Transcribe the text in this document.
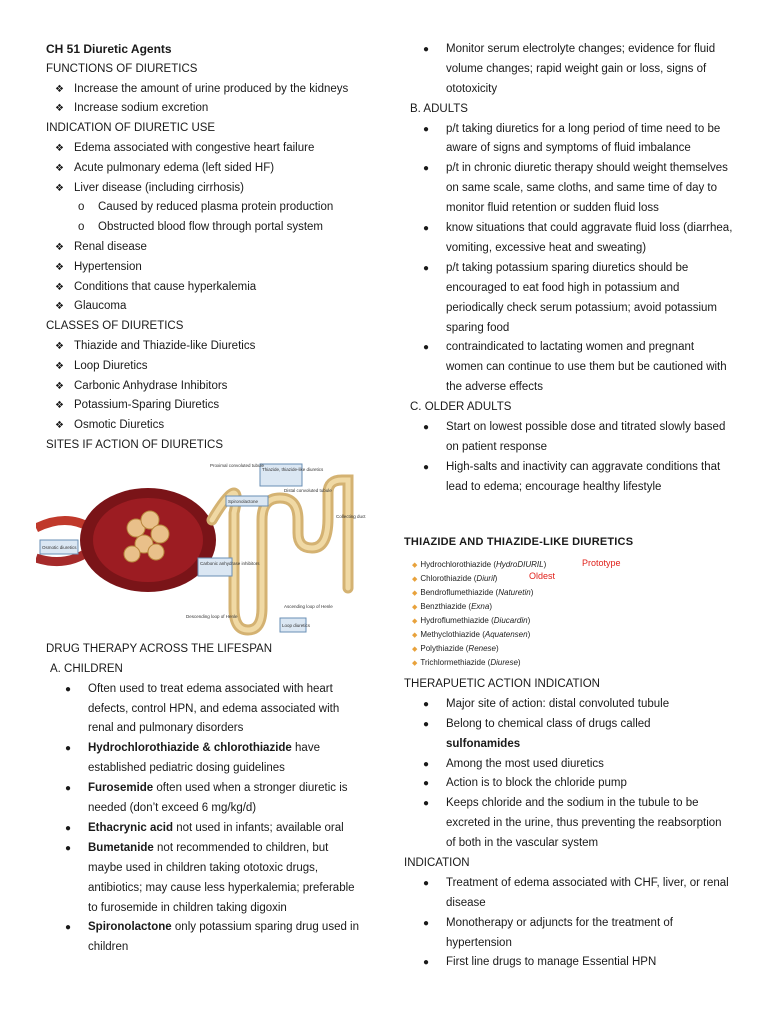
CH 51 Diuretic Agents
FUNCTIONS OF DIURETICS
❖ Increase the amount of urine produced by the kidneys
❖ Increase sodium excretion
INDICATION OF DIURETIC USE
❖ Edema associated with congestive heart failure
❖ Acute pulmonary edema (left sided HF)
❖ Liver disease (including cirrhosis)
o Caused by reduced plasma protein production
o Obstructed blood flow through portal system
❖ Renal disease
❖ Hypertension
❖ Conditions that cause hyperkalemia
❖ Glaucoma
CLASSES OF DIURETICS
❖ Thiazide and Thiazide-like Diuretics
❖ Loop Diuretics
❖ Carbonic Anhydrase Inhibitors
❖ Potassium-Sparing Diuretics
❖ Osmotic Diuretics
SITES IF ACTION OF DIURETICS
Proximal convoluted tubule
Thiazide, thiazide-like diuretics
Spironolactone
Distal convoluted tubule
Collecting duct
Osmotic diuretics
Carbonic anhydrase inhibitors
Descending loop of Henle
Ascending loop of Henle
Loop diuretics
DRUG THERAPY ACROSS THE LIFESPAN
A. CHILDREN
● Often used to treat edema associated with heart defects, control HPN, and edema associated with renal and pulmonary disorders
● Hydrochlorothiazide & chlorothiazide have established pediatric dosing guidelines
● Furosemide often used when a stronger diuretic is needed (don’t exceed 6 mg/kg/d)
● Ethacrynic acid not used in infants; available oral
● Bumetanide not recommended to children, but maybe used in children taking ototoxic drugs, antibiotics; may cause less hyperkalemia; preferable to furosemide in children taking digoxin
● Spironolactone only potassium sparing drug used in children
● Monitor serum electrolyte changes; evidence for fluid volume changes; rapid weight gain or loss, signs of ototoxicity
B. ADULTS
● p/t taking diuretics for a long period of time need to be aware of signs and symptoms of fluid imbalance
● p/t in chronic diuretic therapy should weight themselves on same scale, same cloths, and same time of day to monitor fluid retention or sudden fluid loss
● know situations that could aggravate fluid loss (diarrhea, vomiting, excessive heat and sweating)
● p/t taking potassium sparing diuretics should be encouraged to eat food high in potassium and periodically check serum potassium; avoid potassium sparing food
● contraindicated to lactating women and pregnant women can continue to use them but be cautioned with the adverse effects
C. OLDER ADULTS
● Start on lowest possible dose and titrated slowly based on patient response
● High-salts and inactivity can aggravate conditions that lead to edema; encourage healthy lifestyle
THIAZIDE AND THIAZIDE-LIKE DIURETICS
◆ Hydrochlorothiazide (HydroDIURIL)
◆ Chlorothiazide (Diuril)
◆ Bendroflumethiazide (Naturetin)
◆ Benzthiazide (Exna)
◆ Hydroflumethiazide (Diucardin)
◆ Methyclothiazide (Aquatensen)
◆ Polythiazide (Renese)
◆ Trichlormethiazide (Diurese)
Prototype
Oldest
THERAPUETIC ACTION INDICATION
● Major site of action: distal convoluted tubule
● Belong to chemical class of drugs called
sulfonamides
● Among the most used diuretics
● Action is to block the chloride pump
● Keeps chloride and the sodium in the tubule to be excreted in the urine, thus preventing the reabsorption of both in the vascular system
INDICATION
● Treatment of edema associated with CHF, liver, or renal disease
● Monotherapy or adjuncts for the treatment of hypertension
● First line drugs to manage Essential HPN
